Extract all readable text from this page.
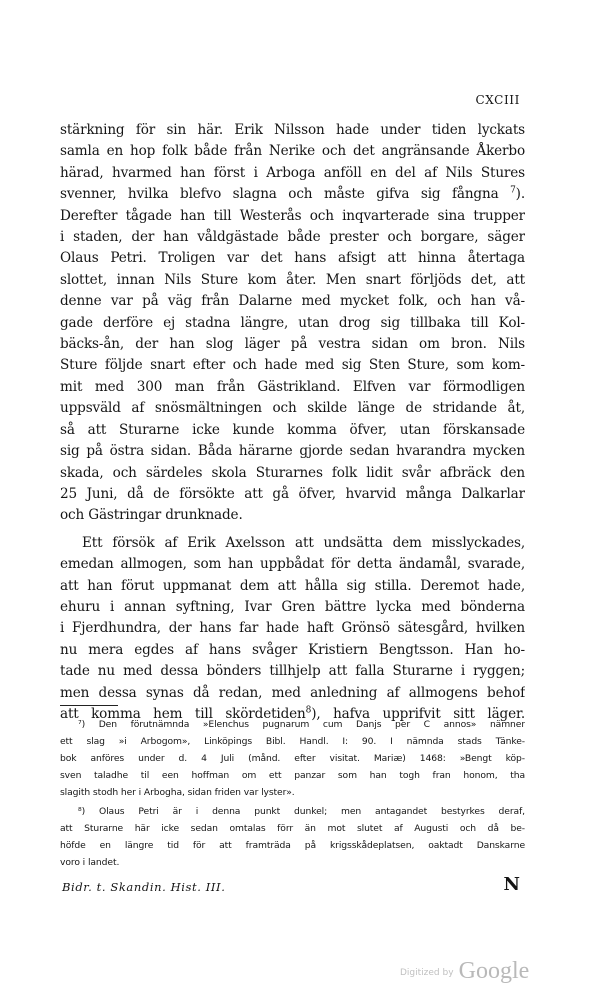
CXCIII

stärkning för sin här. Erik Nilsson hade under tiden lyckats

samla en hop folk både från Nerike och det angränsande Åkerbo

härad, hvarmed han först i Arboga anföll en del af Nils Stures

svenner, hvilka blefvo slagna och måste gifva sig fångna $^7$).

Derefter tågade han till Westerås och inqvarterade sina trupper

i staden, der han våldgästade både prester och borgare, säger

Olaus Petri. Troligen var det hans afsigt att hinna återtaga

slottet, innan Nils Sture kom åter. Men snart förljöds det, att

denne var på väg från Dalarne med mycket folk, och han vå-

gade derföre ej stadna längre, utan drog sig tillbaka till Kol-

bäcks-ån, der han slog läger på vestra sidan om bron. Nils

Sture följde snart efter och hade med sig Sten Sture, som kom-

mit med 300 man från Gästrikland. Elfven var förmodligen

uppsväld af snösmältningen och skilde länge de stridande åt,

så att Sturarne icke kunde komma öfver, utan förskansade

sig på östra sidan. Båda härarne gjorde sedan hvarandra mycken

skada, och särdeles skola Sturarnes folk lidit svår afbräck den

25 Juni, då de försökte att gå öfver, hvarvid många Dalkarlar

och Gästringar drunknade.

Ett försök af Erik Axelsson att undsätta dem misslyckades,

emedan allmogen, som han uppbådat för detta ändamål, svarade,

att han förut uppmanat dem att hålla sig stilla. Deremot hade,

ehuru i annan syftning, Ivar Gren bättre lycka med bönderna

i Fjerdhundra, der hans far hade haft Grönsö sätesgård, hvilken

nu mera egdes af hans svåger Kristiern Bengtsson. Han ho-

tade nu med dessa bönders tillhjelp att falla Sturarne i ryggen;

men dessa synas då redan, med anledning af allmogens behof

att komma hem till skördetiden$^8$), hafva upprifvit sitt läger.

⁷) Den förutnämnda »Elenchus pugnarum cum Danjs per C annos» nämner

ett slag »i Arbogom», Linköpings Bibl. Handl. I: 90. I nämnda stads Tänke-

bok anföres under d. 4 Juli (månd. efter visitat. Mariæ) 1468: »Bengt köp-

sven taladhe til een hoffman om ett panzar som han togh fran honom, tha

slagith stodh her i Arbogha, sidan friden var lyster».

⁸) Olaus Petri är i denna punkt dunkel; men antagandet bestyrkes deraf,

att Sturarne här icke sedan omtalas förr än mot slutet af Augusti och då be-

höfde en längre tid för att framträda på krigsskådeplatsen, oaktadt Danskarne

voro i landet.

Bidr. t. Skandin. Hist. III.	N
Digitized by Google
